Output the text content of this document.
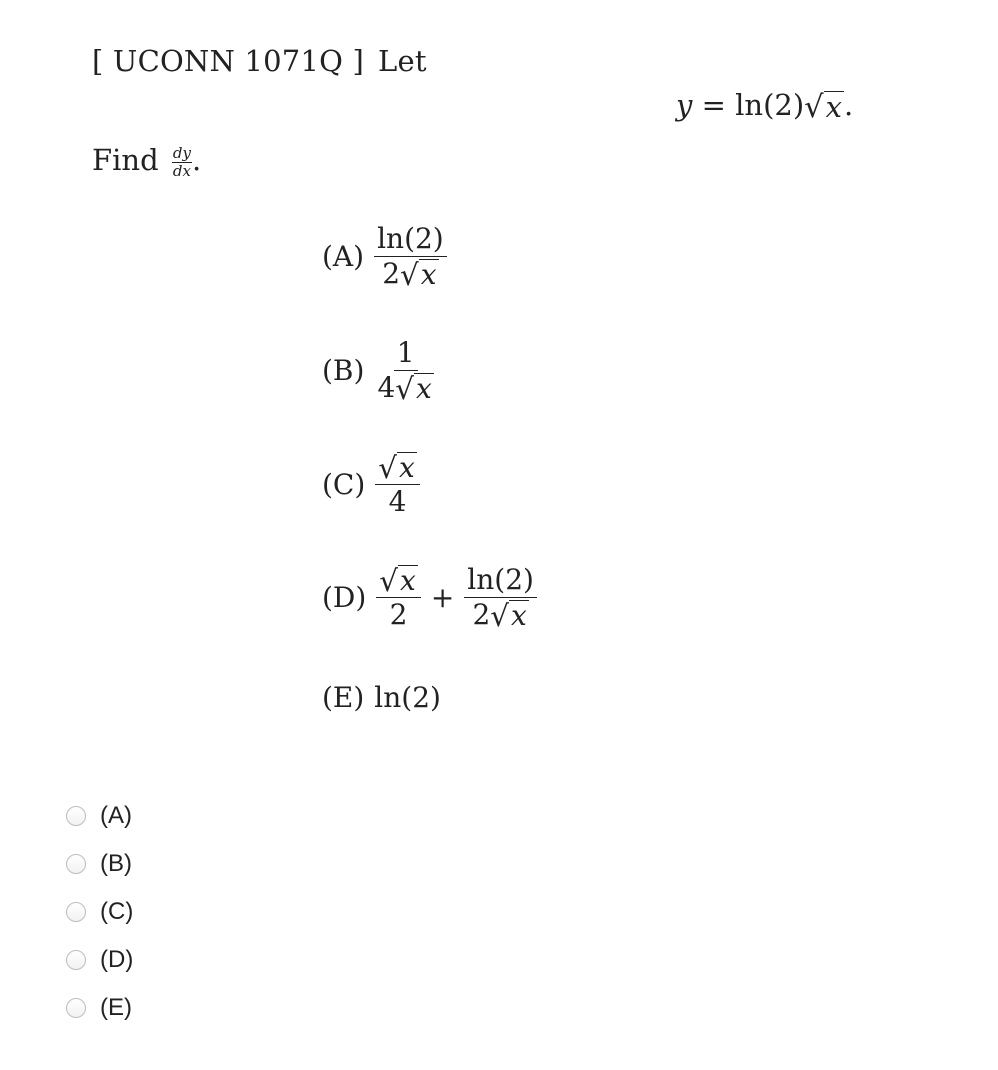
[ UCONN 1071Q ] Let
y = ln(2) √ x .
Find $\frac{dy}{dx}$ .
$(A) \frac{\ln(2)}{2 √ x}$
$(B) \frac{1}{4 √ x}$
$(C) \frac{√ x}{4}$
$(D) \frac{√ x}{2} + \frac{\ln(2)}{2 √ x}$
(E) ln(2)
(A)
(B)
(C)
(D)
(E)
